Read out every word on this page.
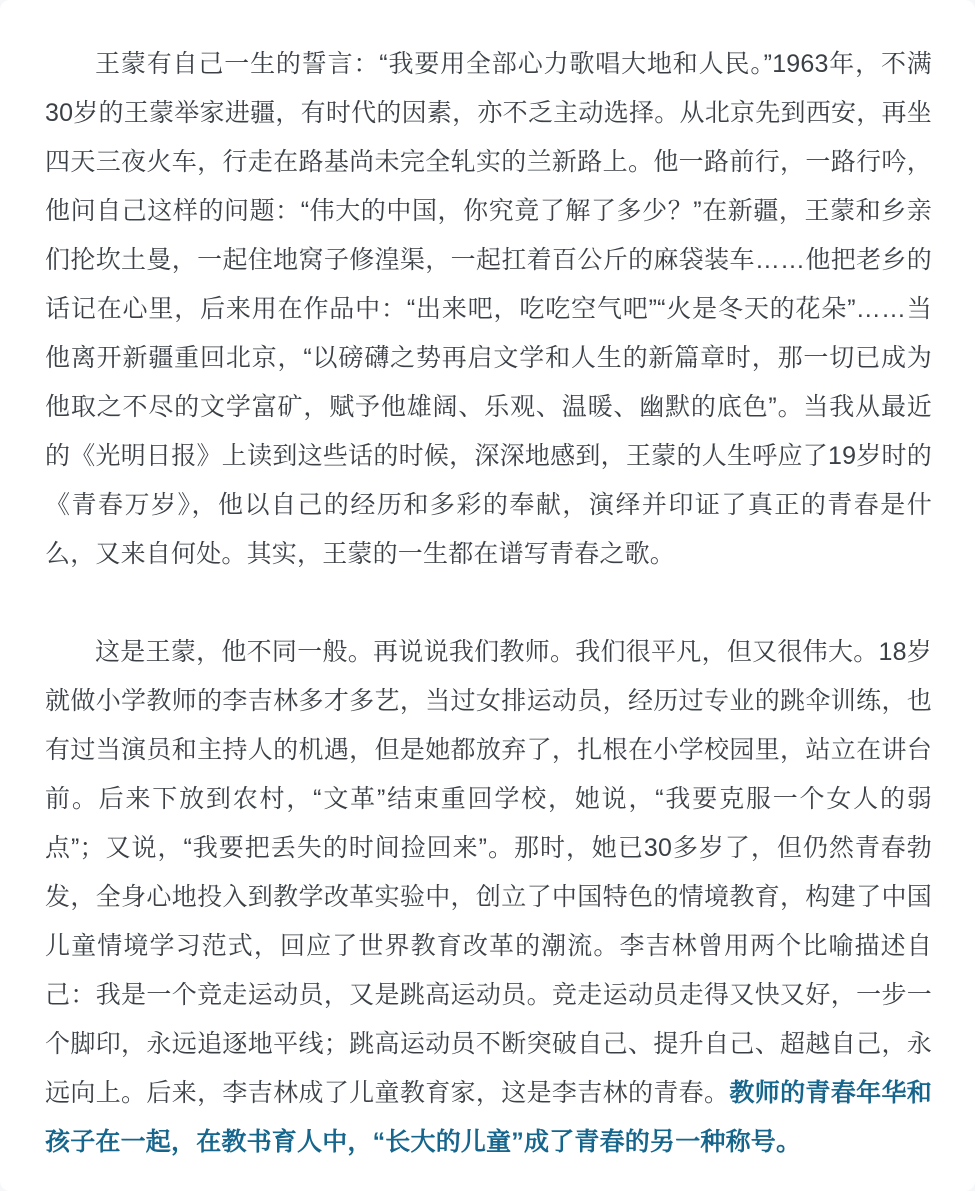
王蒙有自己一生的誓言：“我要用全部心力歌唱大地和人民。”1963年，不满30岁的王蒙举家进疆，有时代的因素，亦不乏主动选择。从北京先到西安，再坐四天三夜火车，行走在路基尚未完全轧实的兰新路上。他一路前行，一路行吟，他问自己这样的问题：“伟大的中国，你究竟了解了多少？”在新疆，王蒙和乡亲们抡坎土曼，一起住地窝子修湟渠，一起扛着百公斤的麻袋装车……他把老乡的话记在心里，后来用在作品中：“出来吧，吃吃空气吧”“火是冬天的花朵”……当他离开新疆重回北京，“以磅礴之势再启文学和人生的新篇章时，那一切已成为他取之不尽的文学富矿，赋予他雄阔、乐观、温暖、幽默的底色”。当我从最近的《光明日报》上读到这些话的时候，深深地感到，王蒙的人生呼应了19岁时的《青春万岁》，他以自己的经历和多彩的奉献，演绎并印证了真正的青春是什么，又来自何处。其实，王蒙的一生都在谱写青春之歌。

这是王蒙，他不同一般。再说说我们教师。我们很平凡，但又很伟大。18岁就做小学教师的李吉林多才多艺，当过女排运动员，经历过专业的跳伞训练，也有过当演员和主持人的机遇，但是她都放弃了，扎根在小学校园里，站立在讲台前。后来下放到农村，“文革”结束重回学校，她说，“我要克服一个女人的弱点”；又说，“我要把丢失的时间捡回来”。那时，她已30多岁了，但仍然青春勃发，全身心地投入到教学改革实验中，创立了中国特色的情境教育，构建了中国儿童情境学习范式，回应了世界教育改革的潮流。李吉林曾用两个比喻描述自己：我是一个竞走运动员，又是跳高运动员。竞走运动员走得又快又好，一步一个脚印，永远追逐地平线；跳高运动员不断突破自己、提升自己、超越自己，永远向上。后来，李吉林成了儿童教育家，这是李吉林的青春。教师的青春年华和孩子在一起，在教书育人中，“长大的儿童”成了青春的另一种称号。
